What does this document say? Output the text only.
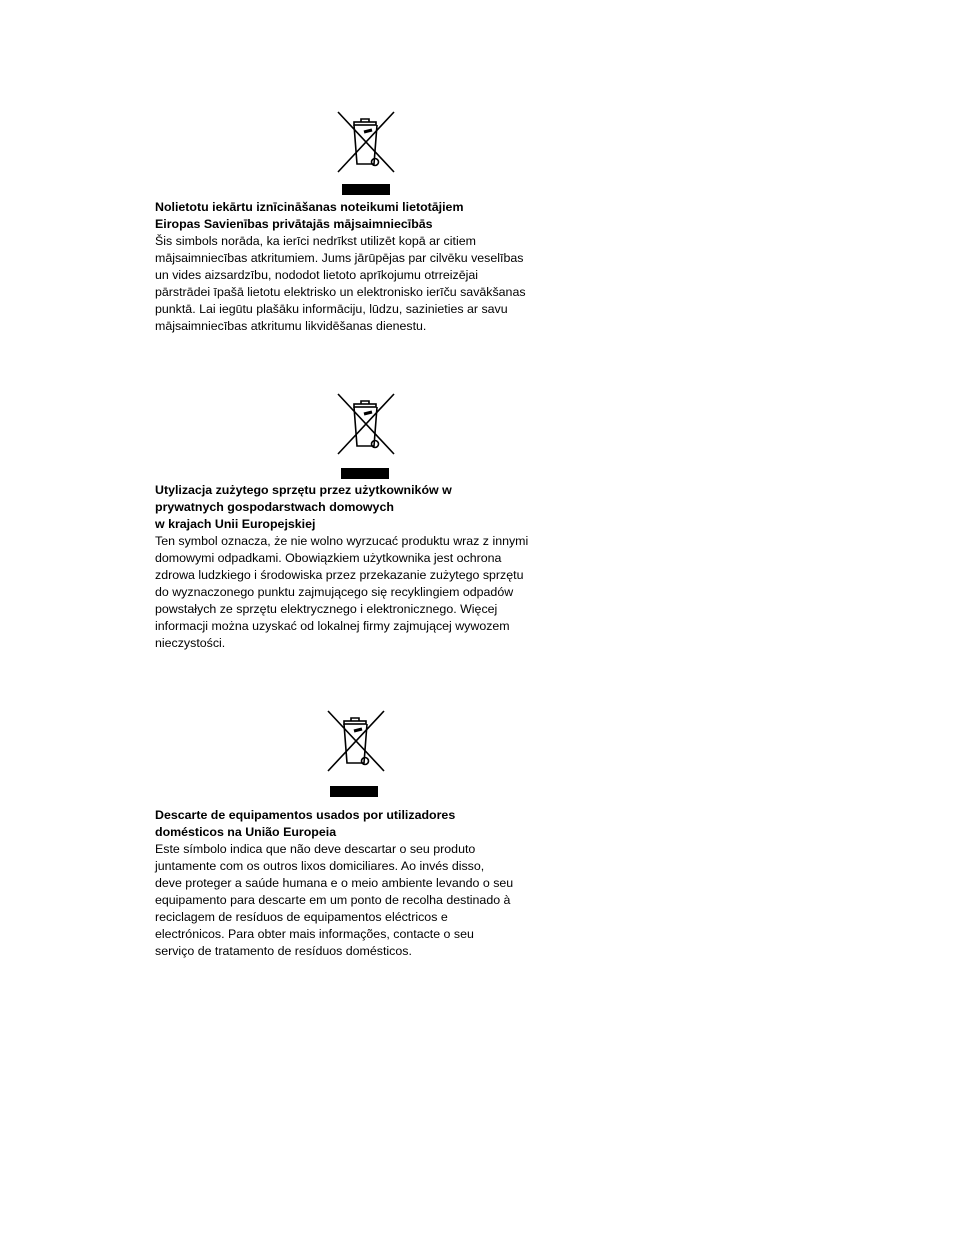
Nolietotu iekārtu iznīcināšanas noteikumi lietotājiem
Eiropas Savienības privātajās mājsaimniecībās
Šis simbols norāda, ka ierīci nedrīkst utilizēt kopā ar citiem
mājsaimniecības atkritumiem. Jums jārūpējas par cilvēku veselības
un vides aizsardzību, nododot lietoto aprīkojumu otrreizējai
pārstrādei īpašā lietotu elektrisko un elektronisko ierīču savākšanas
punktā. Lai iegūtu plašāku informāciju, lūdzu, sazinieties ar savu
mājsaimniecības atkritumu likvidēšanas dienestu.
Utylizacja zużytego sprzętu przez użytkowników w
prywatnych gospodarstwach domowych
w krajach Unii Europejskiej
Ten symbol oznacza, że nie wolno wyrzucać produktu wraz z innymi
domowymi odpadkami. Obowiązkiem użytkownika jest ochrona
zdrowa ludzkiego i środowiska przez przekazanie zużytego sprzętu
do wyznaczonego punktu zajmującego się recyklingiem odpadów
powstałych ze sprzętu elektrycznego i elektronicznego. Więcej
informacji można uzyskać od lokalnej firmy zajmującej wywozem
nieczystości.
Descarte de equipamentos usados por utilizadores
domésticos na União Europeia
Este símbolo indica que não deve descartar o seu produto
juntamente com os outros lixos domiciliares. Ao invés disso,
deve proteger a saúde humana e o meio ambiente levando o seu
equipamento para descarte em um ponto de recolha destinado à
reciclagem de resíduos de equipamentos eléctricos e
electrónicos. Para obter mais informações, contacte o seu
serviço de tratamento de resíduos domésticos.
